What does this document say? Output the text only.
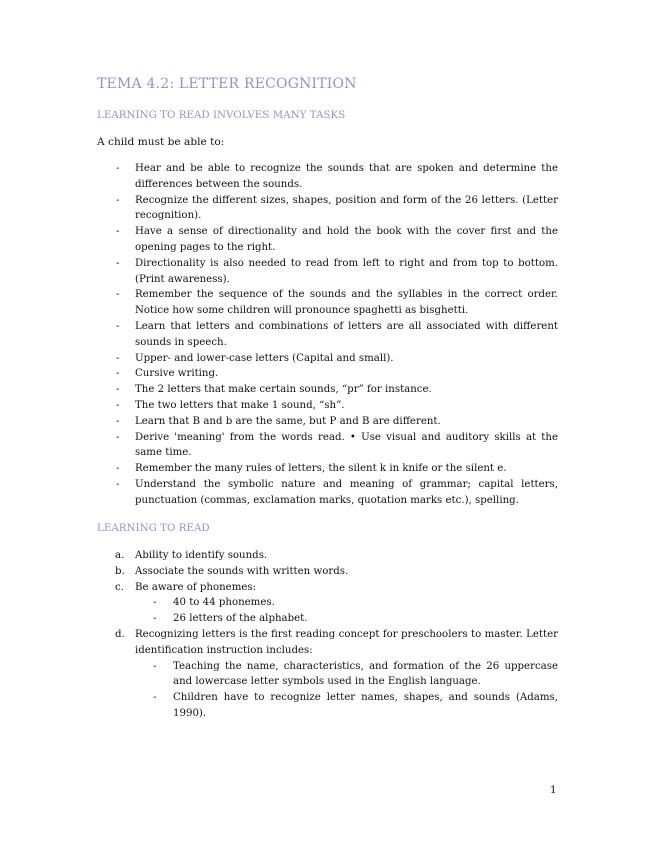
TEMA 4.2: LETTER RECOGNITION
LEARNING TO READ INVOLVES MANY TASKS
A child must be able to:
- Hear and be able to recognize the sounds that are spoken and determine the differences between the sounds.
- Recognize the different sizes, shapes, position and form of the 26 letters. (Letter recognition).
- Have a sense of directionality and hold the book with the cover first and the opening pages to the right.
- Directionality is also needed to read from left to right and from top to bottom. (Print awareness).
- Remember the sequence of the sounds and the syllables in the correct order. Notice how some children will pronounce spaghetti as bisghetti.
- Learn that letters and combinations of letters are all associated with different sounds in speech.
- Upper- and lower-case letters (Capital and small).
- Cursive writing.
- The 2 letters that make certain sounds, “pr” for instance.
- The two letters that make 1 sound, “sh”.
- Learn that B and b are the same, but P and B are different.
- Derive 'meaning' from the words read. • Use visual and auditory skills at the same time.
- Remember the many rules of letters, the silent k in knife or the silent e.
- Understand the symbolic nature and meaning of grammar; capital letters, punctuation (commas, exclamation marks, quotation marks etc.), spelling.
LEARNING TO READ
a. Ability to identify sounds.
b. Associate the sounds with written words.
c. Be aware of phonemes:
- 40 to 44 phonemes.
- 26 letters of the alphabet.
d. Recognizing letters is the first reading concept for preschoolers to master. Letter identification instruction includes:
- Teaching the name, characteristics, and formation of the 26 uppercase and lowercase letter symbols used in the English language.
- Children have to recognize letter names, shapes, and sounds (Adams, 1990).
1
